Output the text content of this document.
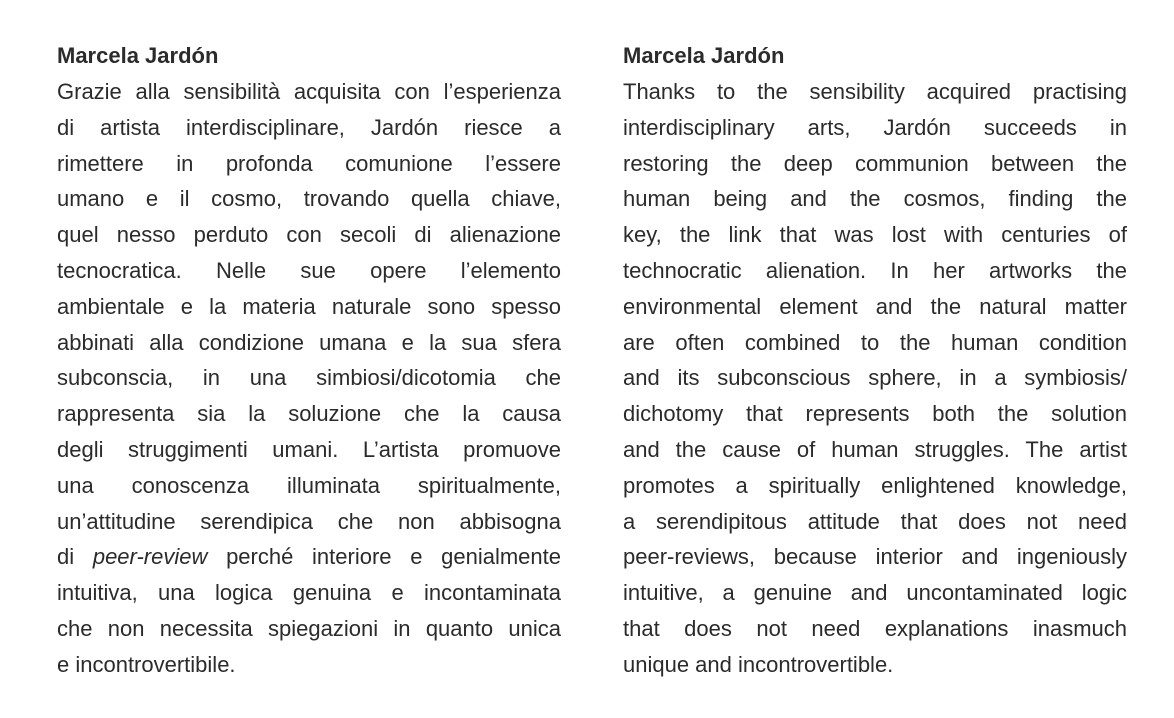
Marcela Jardón

Grazie alla sensibilità acquisita con l’esperienza
di artista interdisciplinare, Jardón riesce a
rimettere in profonda comunione l’essere
umano e il cosmo, trovando quella chiave,
quel nesso perduto con secoli di alienazione
tecnocratica. Nelle sue opere l’elemento
ambientale e la materia naturale sono spesso
abbinati alla condizione umana e la sua sfera
subconscia, in una simbiosi/dicotomia che
rappresenta sia la soluzione che la causa
degli struggimenti umani. L’artista promuove
una conoscenza illuminata spiritualmente,
un’attitudine serendipica che non abbisogna
di peer-review perché interiore e genialmente
intuitiva, una logica genuina e incontaminata
che non necessita spiegazioni in quanto unica
e incontrovertibile.

Marcela Jardón

Thanks to the sensibility acquired practising
interdisciplinary arts, Jardón succeeds in
restoring the deep communion between the
human being and the cosmos, finding the
key, the link that was lost with centuries of
technocratic alienation. In her artworks the
environmental element and the natural matter
are often combined to the human condition
and its subconscious sphere, in a symbiosis/
dichotomy that represents both the solution
and the cause of human struggles. The artist
promotes a spiritually enlightened knowledge,
a serendipitous attitude that does not need
peer-reviews, because interior and ingeniously
intuitive, a genuine and uncontaminated logic
that does not need explanations inasmuch
unique and incontrovertible.
